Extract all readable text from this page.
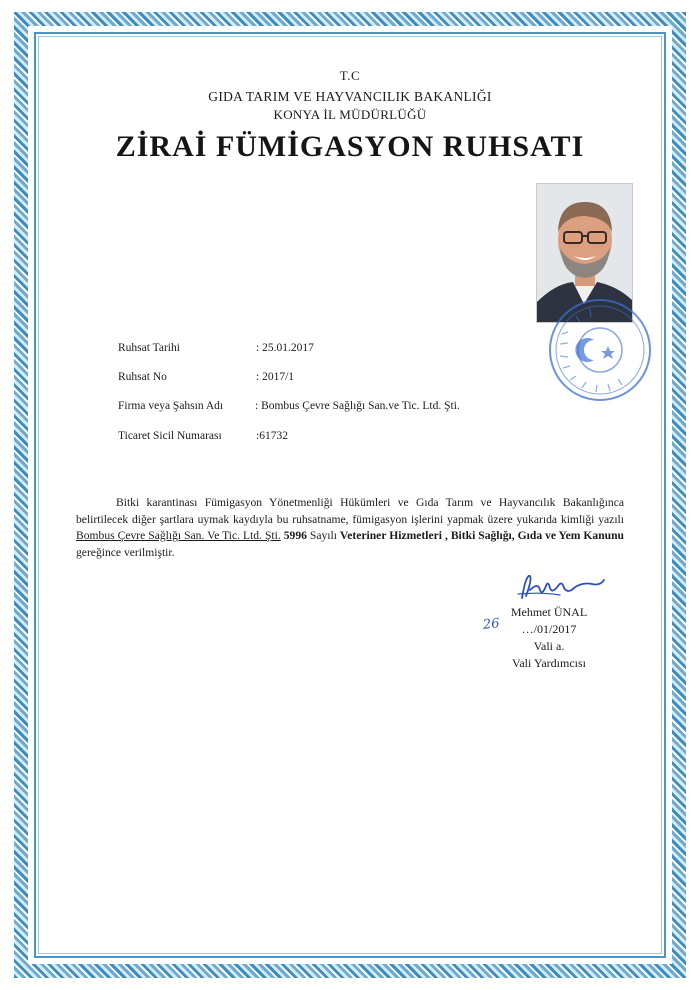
T.C
GIDA TARIM VE HAYVANCILIK BAKANLIĞI
KONYA İL MÜDÜRLÜĞÜ
ZİRAİ FÜMİGASYON RUHSATI
Ruhsat Tarihi	: 25.01.2017
Ruhsat No	: 2017/1
Firma veya Şahsın Adı	: Bombus Çevre Sağlığı San.ve Tic. Ltd. Şti.
Ticaret Sicil Numarası	:61732
Bitki karantinası Fümigasyon Yönetmenliği Hükümleri ve Gıda Tarım ve Hayvancılık Bakanlığınca belirtilecek diğer şartlara uymak kaydıyla bu ruhsatname, fümigasyon işlerini yapmak üzere yukarıda kimliği yazılı Bombus Çevre Sağlığı San. Ve Tic. Ltd. Şti. 5996 Sayılı Veteriner Hizmetleri , Bitki Sağlığı, Gıda ve Yem Kanunu gereğince verilmiştir.
Mehmet ÜNAL
…/01/2017
Vali a.
Vali Yardımcısı
26
